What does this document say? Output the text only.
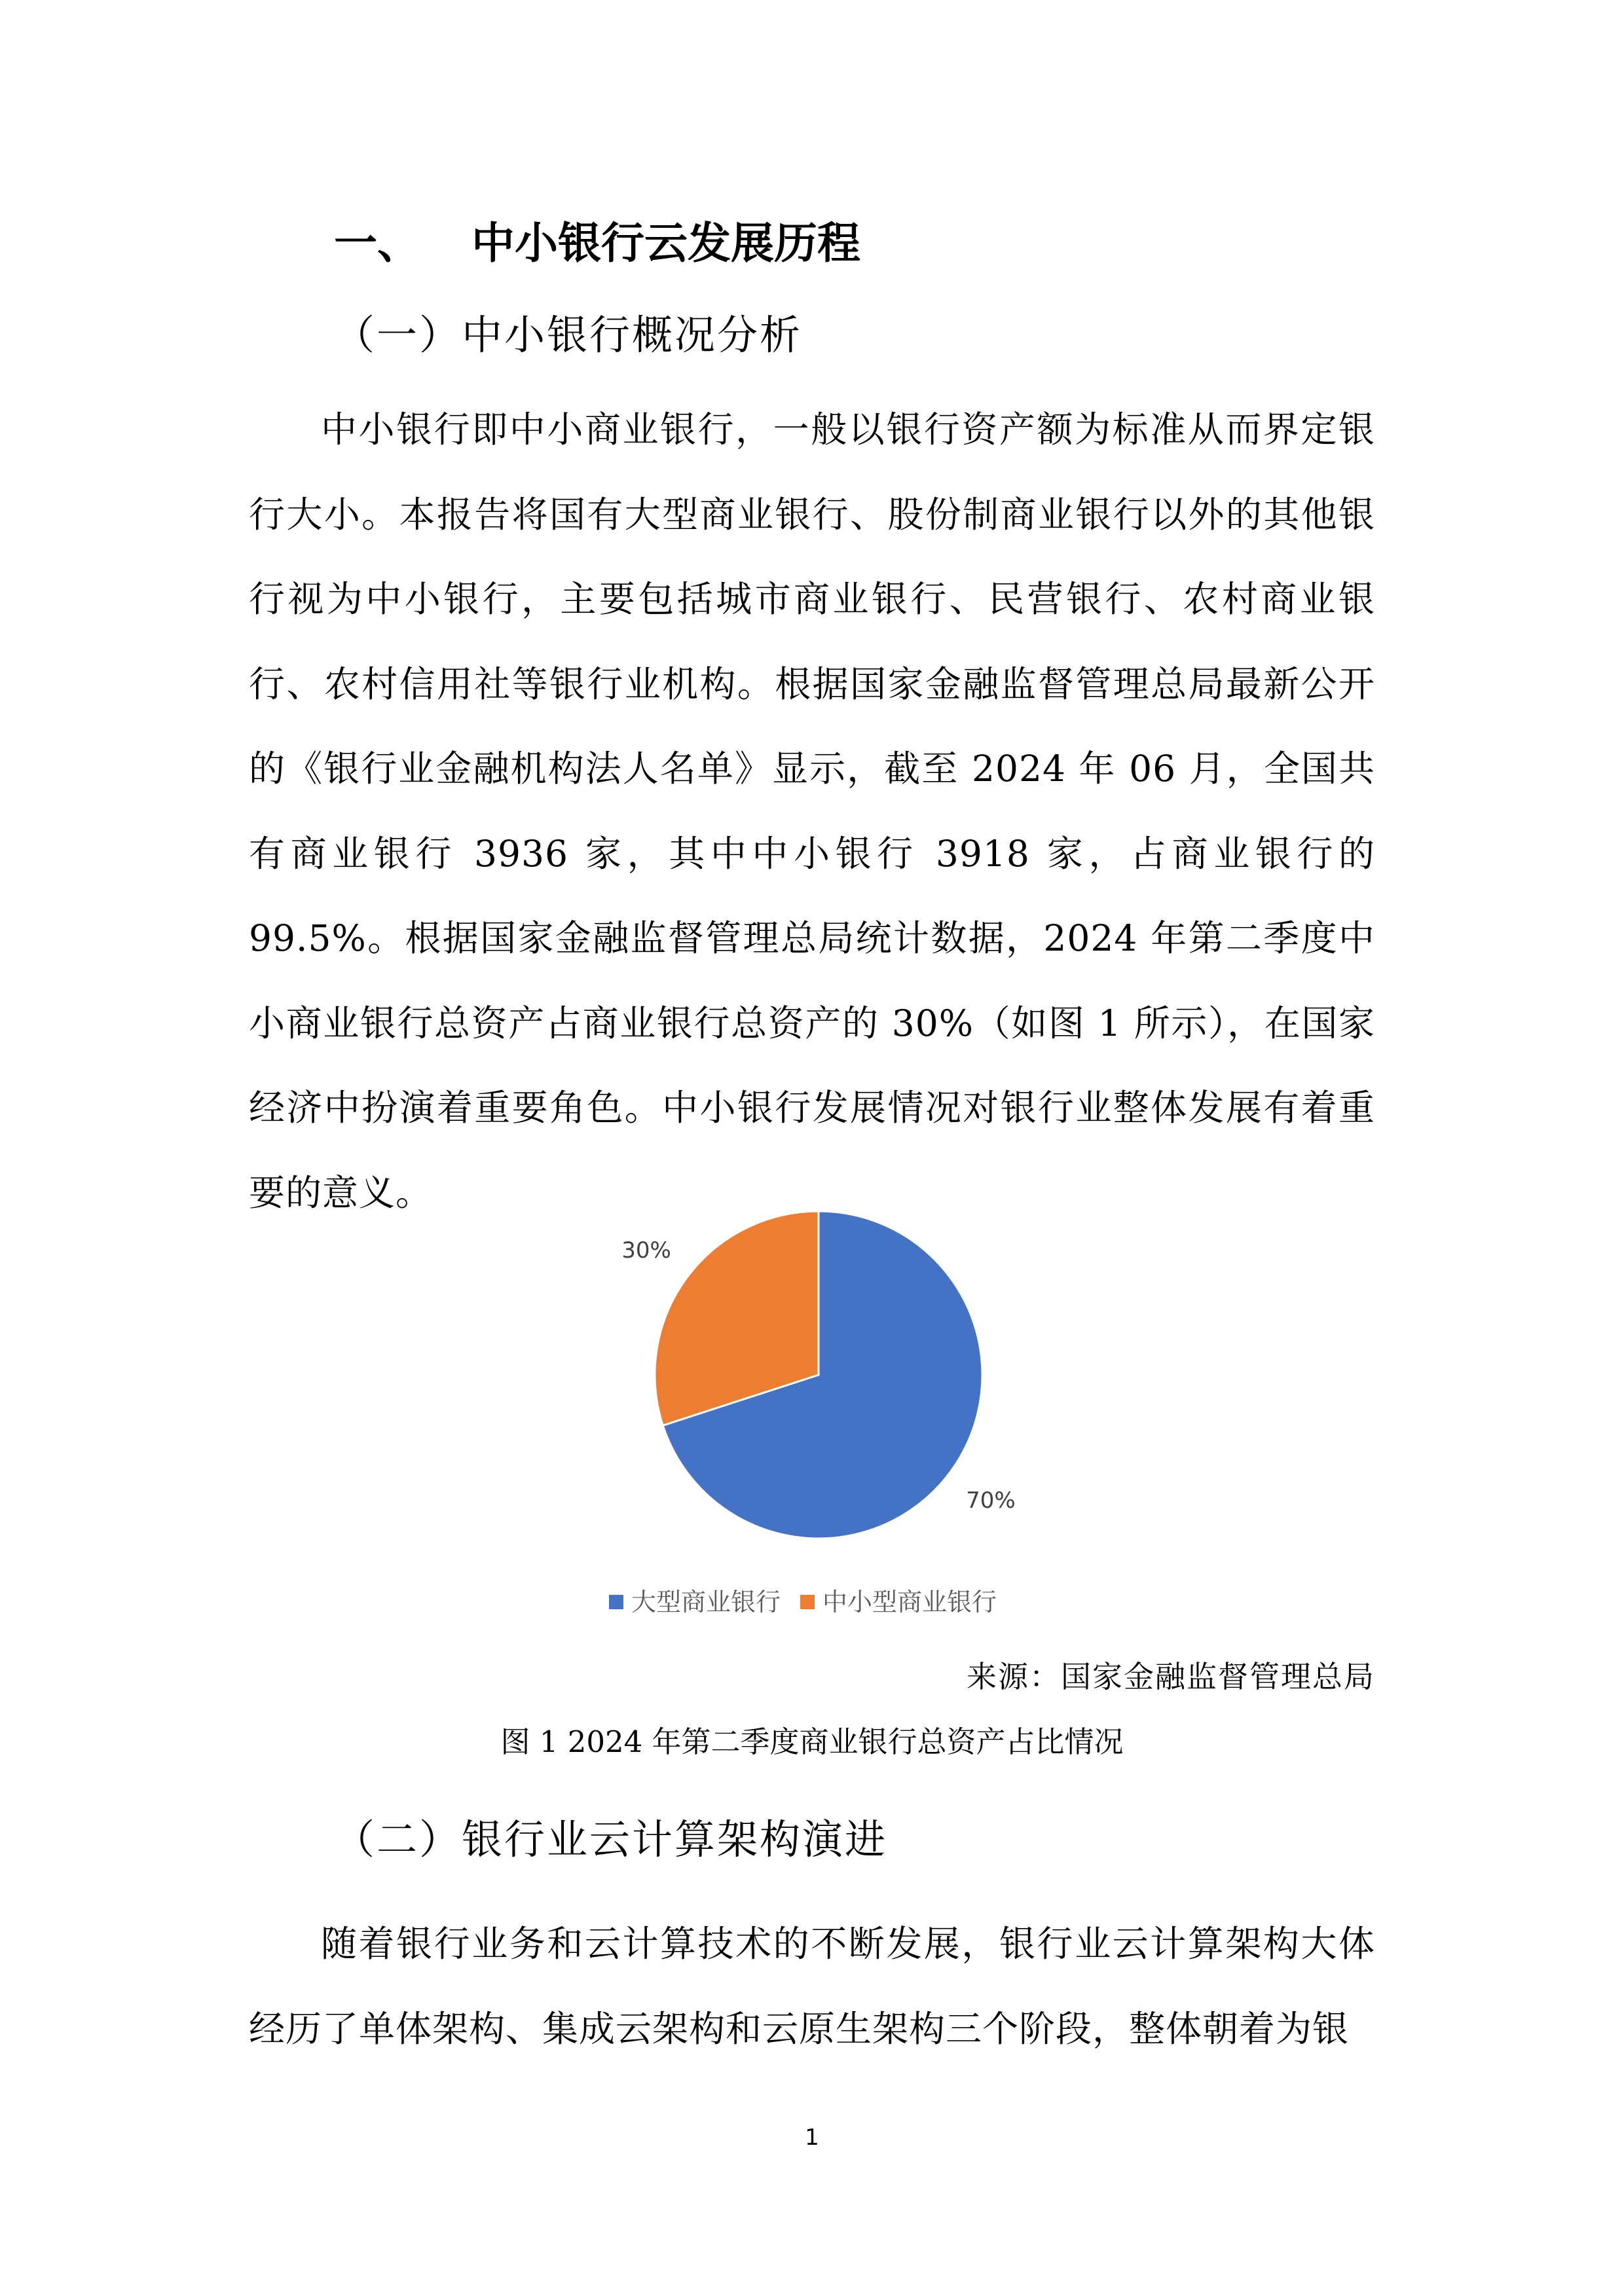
一、 中小银行云发展历程
（一）中小银行概况分析
中小银行即中小商业银行，一般以银行资产额为标准从而界定银行大小。本报告将国有大型商业银行、股份制商业银行以外的其他银行视为中小银行，主要包括城市商业银行、民营银行、农村商业银行、农村信用社等银行业机构。根据国家金融监督管理总局最新公开的《银行业金融机构法人名单》显示，截至 2024 年 06 月，全国共有商业银行 3936 家，其中中小银行 3918 家，占商业银行的 99.5%。根据国家金融监督管理总局统计数据，2024 年第二季度中小商业银行总资产占商业银行总资产的 30%（如图 1 所示），在国家经济中扮演着重要角色。中小银行发展情况对银行业整体发展有着重要的意义。
70%
30%
大型商业银行 中小型商业银行
来源：国家金融监督管理总局
图 1 2024 年第二季度商业银行总资产占比情况
（二）银行业云计算架构演进
随着银行业务和云计算技术的不断发展，银行业云计算架构大体经历了单体架构、集成云架构和云原生架构三个阶段，整体朝着为银
1
